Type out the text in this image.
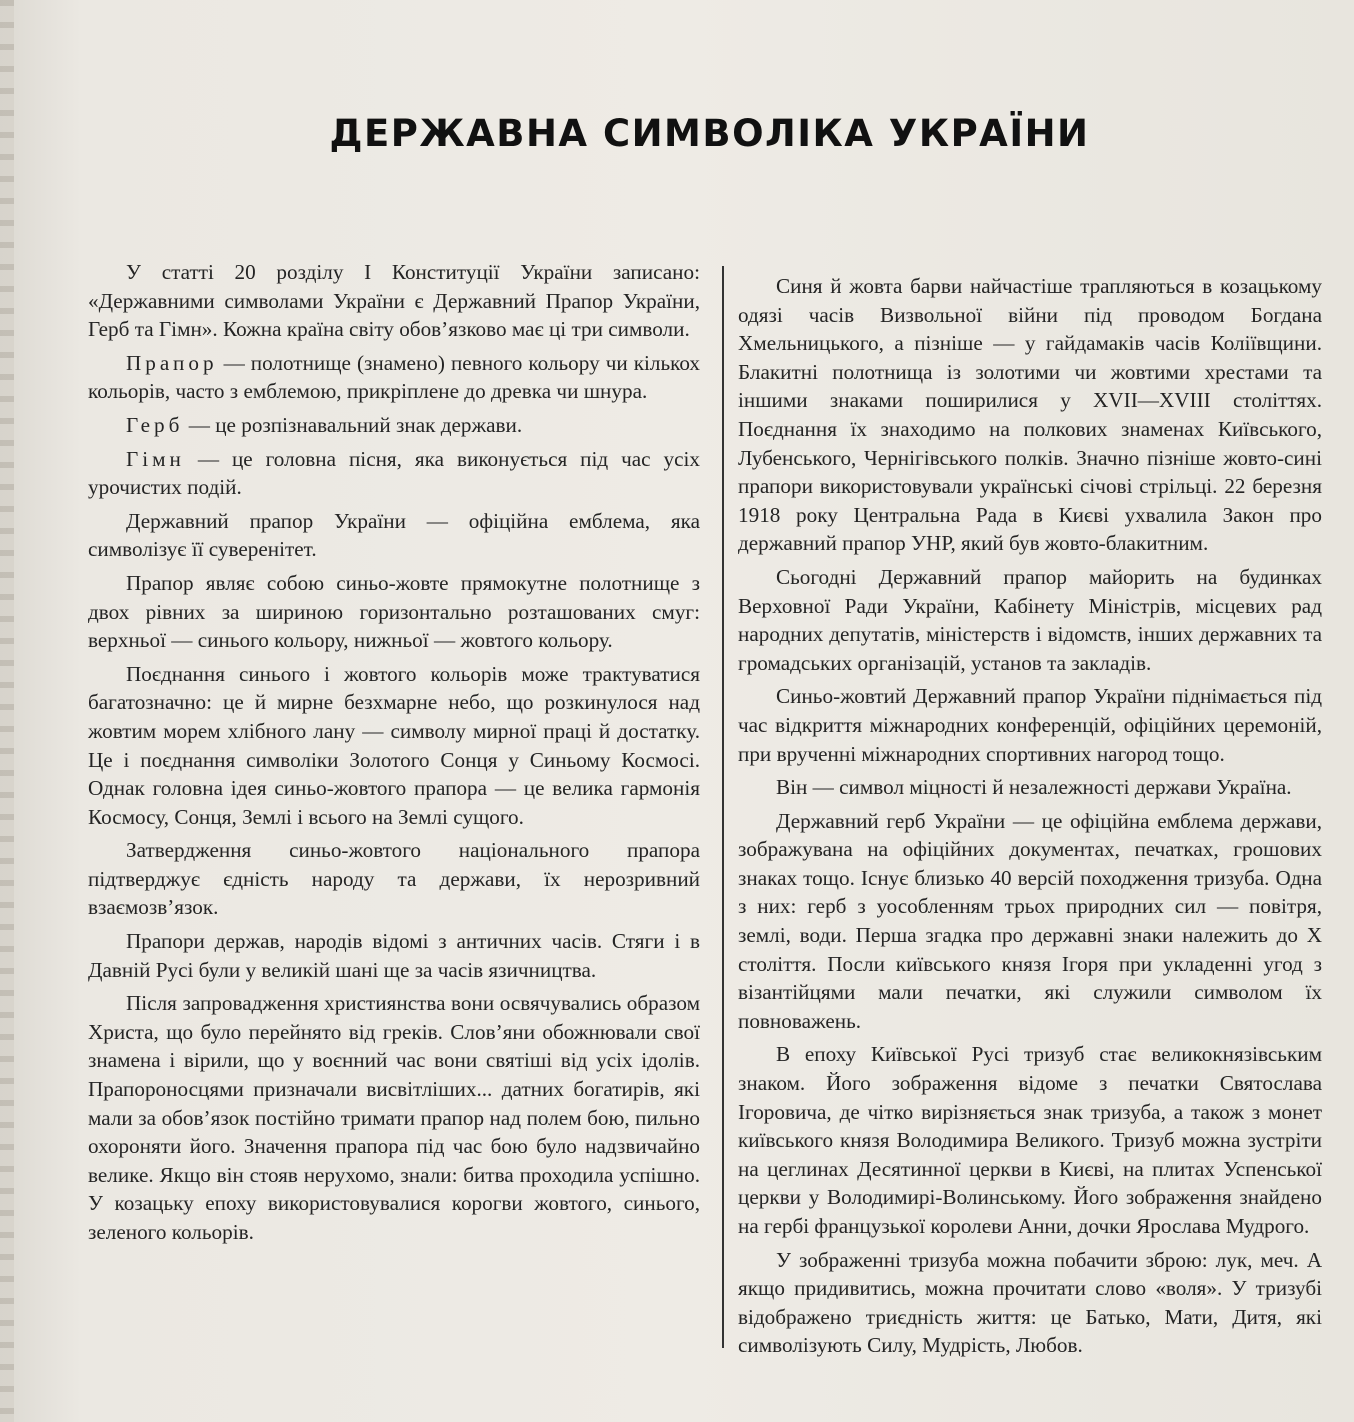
ДЕРЖАВНА СИМВОЛІКА УКРАЇНИ

У статті 20 розділу І Конституції України записано: «Державними символами України є Державний Прапор України, Герб та Гімн». Кожна країна світу обов’язково має ці три символи.

Прапор — полотнище (знамено) певного кольору чи кількох кольорів, часто з емблемою, прикріплене до древка чи шнура.

Герб — це розпізнавальний знак держави.

Гімн — це головна пісня, яка виконується під час усіх урочистих подій.

Державний прапор України — офіційна емблема, яка символізує її суверенітет.

Прапор являє собою синьо-жовте прямокутне полотнище з двох рівних за шириною горизонтально розташованих смуг: верхньої — синього кольору, нижньої — жовтого кольору.

Поєднання синього і жовтого кольорів може трактуватися багатозначно: це й мирне безхмарне небо, що розкинулося над жовтим морем хлібного лану — символу мирної праці й достатку. Це і поєднання символіки Золотого Сонця у Синьому Космосі. Однак головна ідея синьо-жовтого прапора — це велика гармонія Космосу, Сонця, Землі і всього на Землі сущого.

Затвердження синьо-жовтого національного прапора підтверджує єдність народу та держави, їх нерозривний взаємозв’язок.

Прапори держав, народів відомі з античних часів. Стяги і в Давній Русі були у великій шані ще за часів язичництва.

Після запровадження християнства вони освячувались образом Христа, що було перейнято від греків. Слов’яни обожнювали свої знамена і вірили, що у воєнний час вони святіші від усіх ідолів. Прапороносцями призначали висвітліших... датних богатирів, які мали за обов’язок постійно тримати прапор над полем бою, пильно охороняти його. Значення прапора під час бою було надзвичайно велике. Якщо він стояв нерухомо, знали: битва проходила успішно. У козацьку епоху використовувалися корогви жовтого, синього, зеленого кольорів.

Синя й жовта барви найчастіше трапляються в козацькому одязі часів Визвольної війни під проводом Богдана Хмельницького, а пізніше — у гайдамаків часів Коліївщини. Блакитні полотнища із золотими чи жовтими хрестами та іншими знаками поширилися у XVII—XVIII століттях. Поєднання їх знаходимо на полкових знаменах Київського, Лубенського, Чернігівського полків. Значно пізніше жовто-сині прапори використовували українські січові стрільці. 22 березня 1918 року Центральна Рада в Києві ухвалила Закон про державний прапор УНР, який був жовто-блакитним.

Сьогодні Державний прапор майорить на будинках Верховної Ради України, Кабінету Міністрів, місцевих рад народних депутатів, міністерств і відомств, інших державних та громадських організацій, установ та закладів.

Синьо-жовтий Державний прапор України піднімається під час відкриття міжнародних конференцій, офіційних церемоній, при врученні міжнародних спортивних нагород тощо.

Він — символ міцності й незалежності держави Україна.

Державний герб України — це офіційна емблема держави, зображувана на офіційних документах, печатках, грошових знаках тощо. Існує близько 40 версій походження тризуба. Одна з них: герб з уособленням трьох природних сил — повітря, землі, води. Перша згадка про державні знаки належить до X століття. Посли київського князя Ігоря при укладенні угод з візантійцями мали печатки, які служили символом їх повноважень.

В епоху Київської Русі тризуб стає великокнязівським знаком. Його зображення відоме з печатки Святослава Ігоровича, де чітко вирізняється знак тризуба, а також з монет київського князя Володимира Великого. Тризуб можна зустріти на цеглинах Десятинної церкви в Києві, на плитах Успенської церкви у Володимирі-Волинському. Його зображення знайдено на гербі французької королеви Анни, дочки Ярослава Мудрого.

У зображенні тризуба можна побачити зброю: лук, меч. А якщо придивитись, можна прочитати слово «воля». У тризубі відображено триєдність життя: це Батько, Мати, Дитя, які символізують Силу, Мудрість, Любов.
